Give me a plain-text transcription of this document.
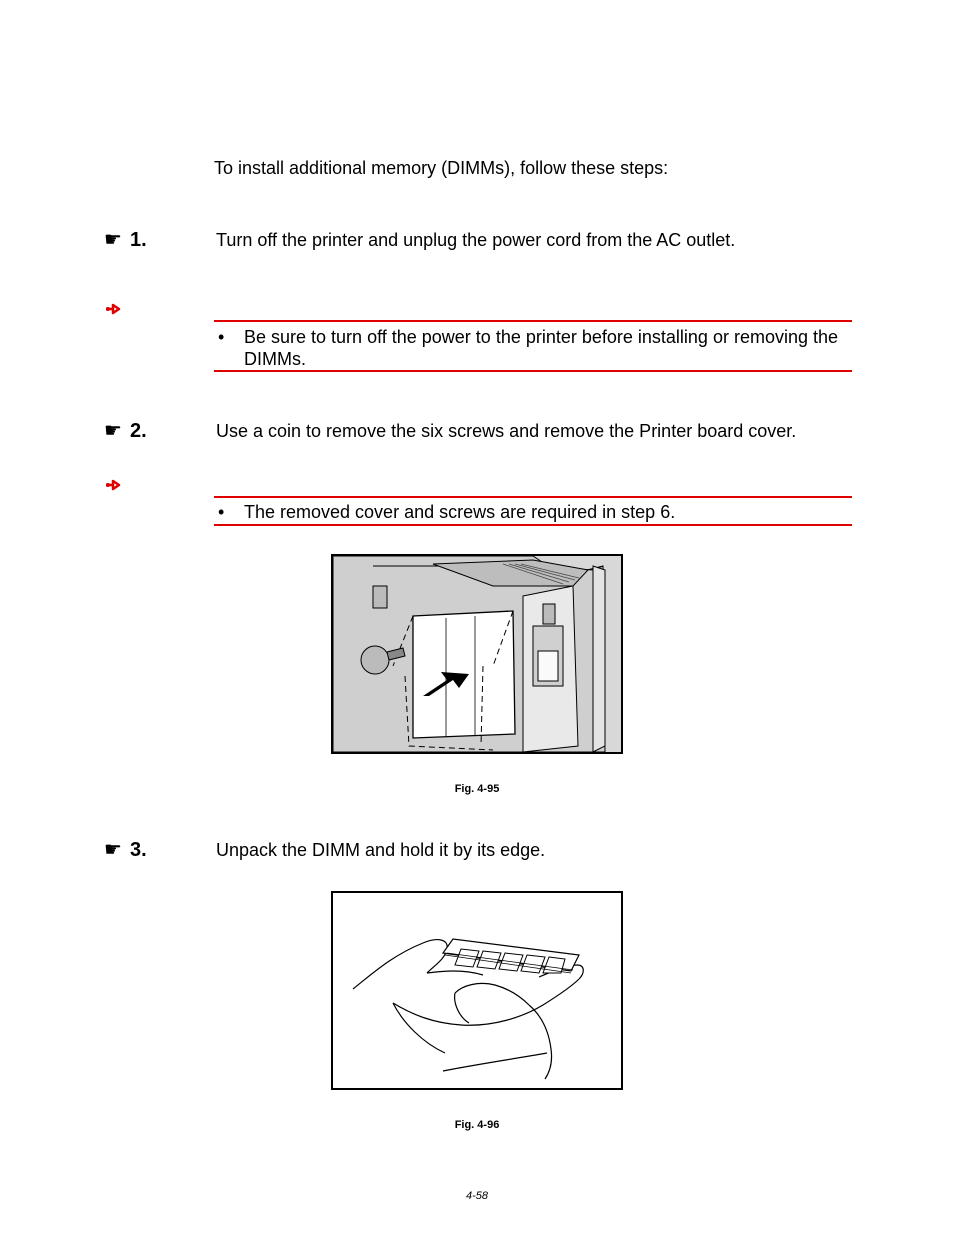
To install additional memory (DIMMs), follow these steps:
☛ 1.	Turn off the printer and unplug the power cord from the AC outlet.
• Be sure to turn off the power to the printer before installing or removing the DIMMs.
☛ 2.	Use a coin to remove the six screws and remove the Printer board cover.
• The removed cover and screws are required in step 6.
Fig. 4-95
☛ 3.	Unpack the DIMM and hold it by its edge.
Fig. 4-96
4-58
